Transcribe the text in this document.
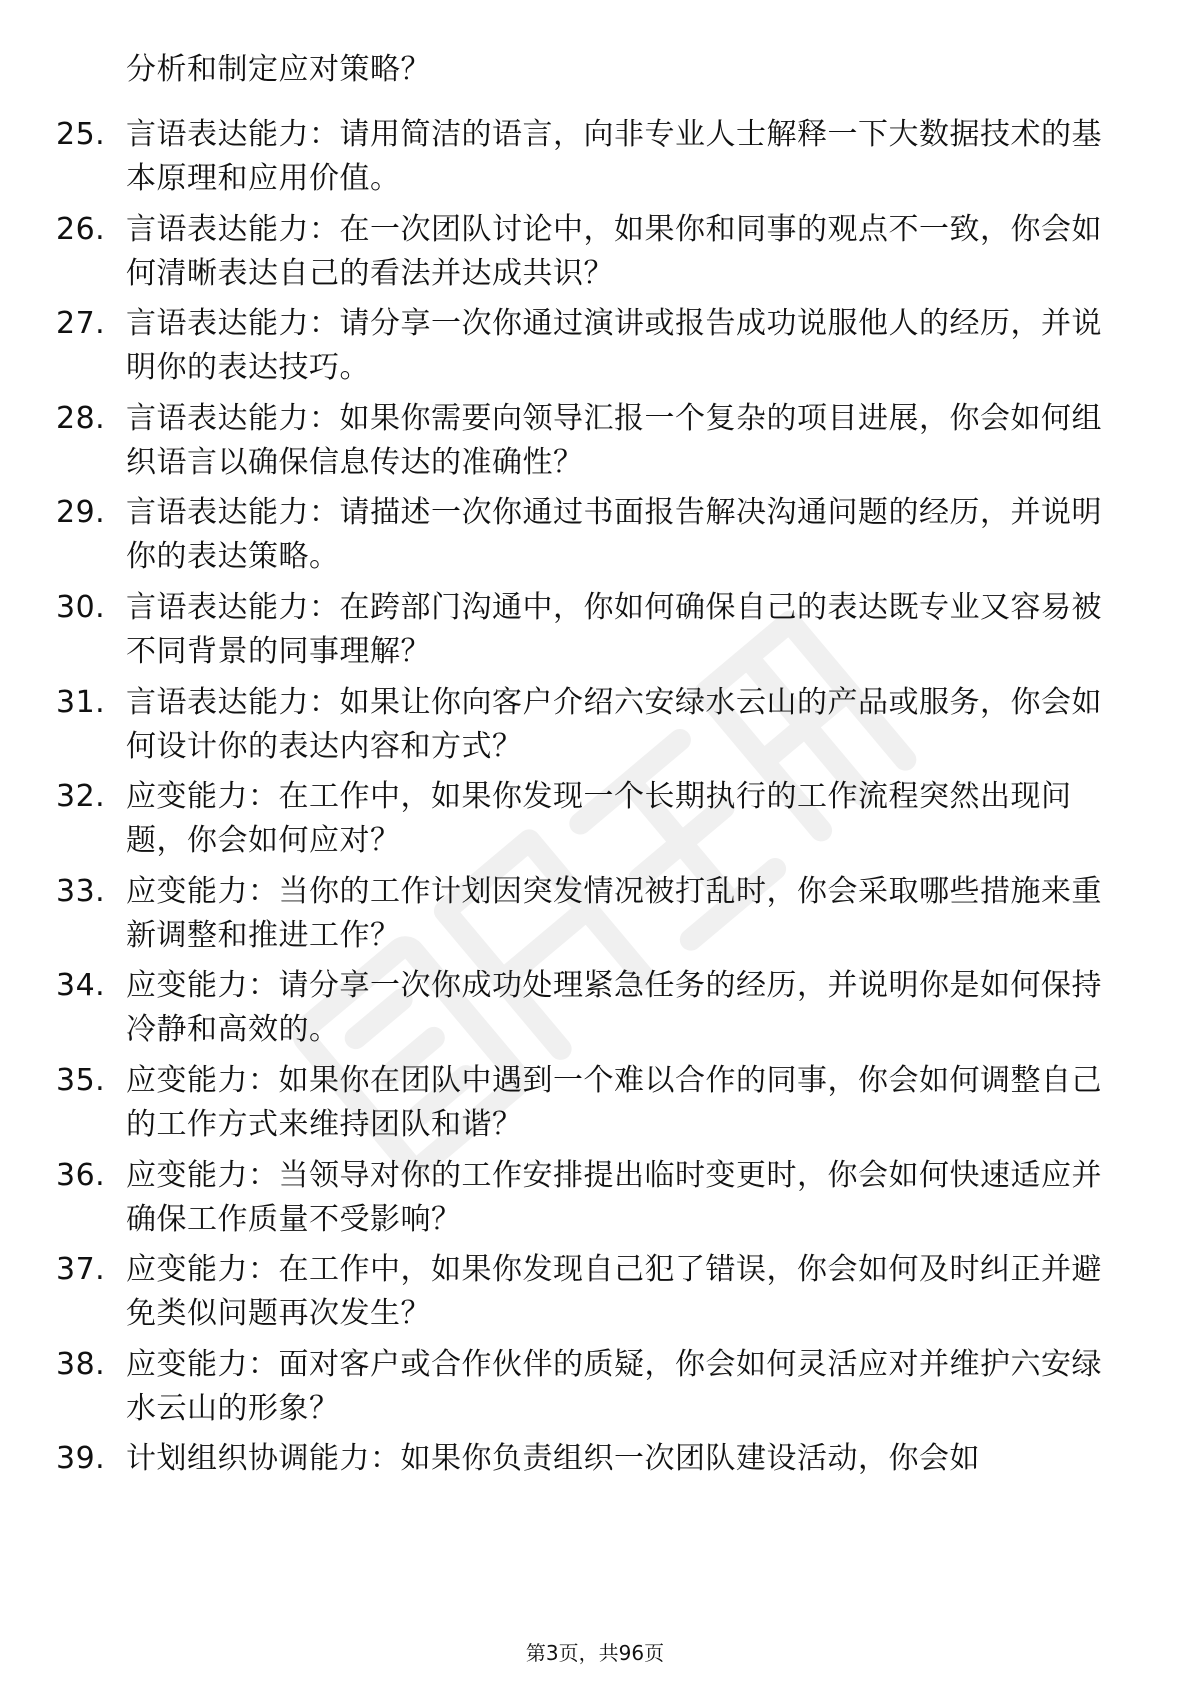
分析和制定应对策略？
25. 言语表达能力：请用简洁的语言，向非专业人士解释一下大数据技术的基本原理和应用价值。
26. 言语表达能力：在一次团队讨论中，如果你和同事的观点不一致，你会如何清晰表达自己的看法并达成共识？
27. 言语表达能力：请分享一次你通过演讲或报告成功说服他人的经历，并说明你的表达技巧。
28. 言语表达能力：如果你需要向领导汇报一个复杂的项目进展，你会如何组织语言以确保信息传达的准确性？
29. 言语表达能力：请描述一次你通过书面报告解决沟通问题的经历，并说明你的表达策略。
30. 言语表达能力：在跨部门沟通中，你如何确保自己的表达既专业又容易被不同背景的同事理解？
31. 言语表达能力：如果让你向客户介绍六安绿水云山的产品或服务，你会如何设计你的表达内容和方式？
32. 应变能力：在工作中，如果你发现一个长期执行的工作流程突然出现问题，你会如何应对？
33. 应变能力：当你的工作计划因突发情况被打乱时，你会采取哪些措施来重新调整和推进工作？
34. 应变能力：请分享一次你成功处理紧急任务的经历，并说明你是如何保持冷静和高效的。
35. 应变能力：如果你在团队中遇到一个难以合作的同事，你会如何调整自己的工作方式来维持团队和谐？
36. 应变能力：当领导对你的工作安排提出临时变更时，你会如何快速适应并确保工作质量不受影响？
37. 应变能力：在工作中，如果你发现自己犯了错误，你会如何及时纠正并避免类似问题再次发生？
38. 应变能力：面对客户或合作伙伴的质疑，你会如何灵活应对并维护六安绿水云山的形象？
39. 计划组织协调能力：如果你负责组织一次团队建设活动，你会如
第3页，共96页
